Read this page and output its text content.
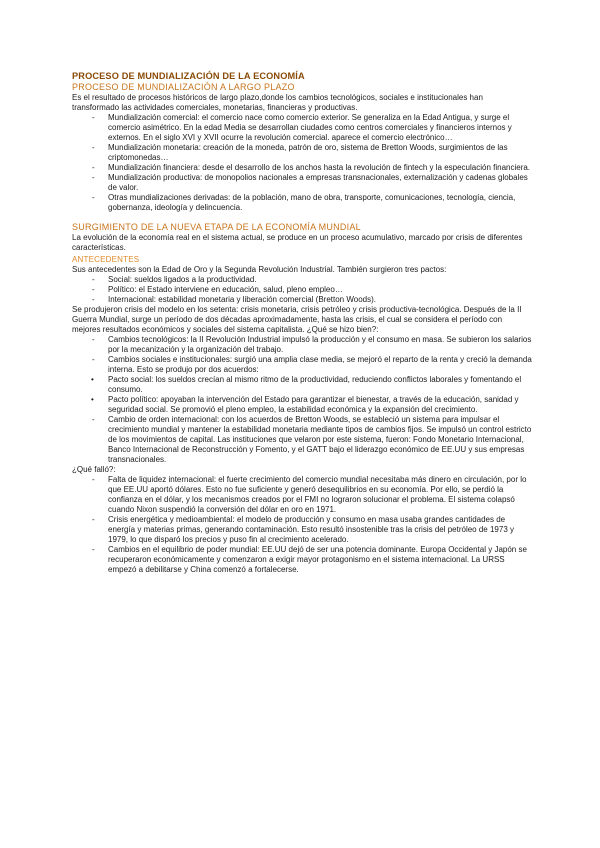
PROCESO DE MUNDIALIZACIÓN DE LA ECONOMÍA
PROCESO DE MUNDIALIZACIÓN A LARGO PLAZO

Es el resultado de procesos históricos de largo plazo,donde los cambios tecnológicos, sociales e institucionales han transformado las actividades comerciales, monetarias, financieras y productivas.

- Mundialización comercial: el comercio nace como comercio exterior. Se generaliza en la Edad Antigua, y surge el comercio asimétrico. En la edad Media se desarrollan ciudades como centros comerciales y financieros internos y externos. En el siglo XVI y XVII ocurre la revolución comercial. aparece el comercio electrónico…
- Mundialización monetaria: creación de la moneda, patrón de oro, sistema de Bretton Woods, surgimientos de las criptomonedas…
- Mundialización financiera: desde el desarrollo de los anchos hasta la revolución de fintech y la especulación financiera.
- Mundialización productiva: de monopolios nacionales a empresas transnacionales, externalización y cadenas globales de valor.
- Otras mundializaciones derivadas: de la población, mano de obra, transporte, comunicaciones, tecnología, ciencia, gobernanza, ideología y delincuencia.
SURGIMIENTO DE LA NUEVA ETAPA DE LA ECONOMÍA MUNDIAL

La evolución de la economía real en el sistema actual, se produce en un proceso acumulativo, marcado por crisis de diferentes características.

ANTECEDENTES

Sus antecedentes son la Edad de Oro y la Segunda Revolución Industrial. También surgieron tres pactos:

- Social: sueldos ligados a la productividad.
- Político: el Estado interviene en educación, salud, pleno empleo…
- Internacional: estabilidad monetaria y liberación comercial (Bretton Woods).

Se produjeron crisis del modelo en los setenta: crisis monetaria, crisis petróleo y crisis productiva-tecnológica. Después de la II Guerra Mundial, surge un período de dos décadas aproximadamente, hasta las crisis, el cual se considera el período con mejores resultados económicos y sociales del sistema capitalista. ¿Qué se hizo bien?:

- Cambios tecnológicos: la II Revolución Industrial impulsó la producción y el consumo en masa. Se subieron los salarios por la mecanización y la organización del trabajo.
- Cambios sociales e institucionales: surgió una amplia clase media, se mejoró el reparto de la renta y creció la demanda interna. Esto se produjo por dos acuerdos:
• Pacto social: los sueldos crecían al mismo ritmo de la productividad, reduciendo conflictos laborales y fomentando el consumo.
• Pacto político: apoyaban la intervención del Estado para garantizar el bienestar, a través de la educación, sanidad y seguridad social. Se promovió el pleno empleo, la estabilidad económica y la expansión del crecimiento.
- Cambio de orden internacional: con los acuerdos de Bretton Woods, se estableció un sistema para impulsar el crecimiento mundial y mantener la estabilidad monetaria mediante tipos de cambios fijos. Se impulsó un control estricto de los movimientos de capital. Las instituciones que velaron por este sistema, fueron: Fondo Monetario Internacional, Banco Internacional de Reconstrucción y Fomento, y el GATT bajo el liderazgo económico de EE.UU y sus empresas transnacionales.

¿Qué falló?:

- Falta de liquidez internacional: el fuerte crecimiento del comercio mundial necesitaba más dinero en circulación, por lo que EE.UU aportó dólares. Esto no fue suficiente y generó desequilibrios en su economía. Por ello, se perdió la confianza en el dólar, y los mecanismos creados por el FMI no lograron solucionar el problema. El sistema colapsó cuando Nixon suspendió la conversión del dólar en oro en 1971.
- Crisis energética y medioambiental: el modelo de producción y consumo en masa usaba grandes cantidades de energía y materias primas, generando contaminación. Esto resultó insostenible tras la crisis del petróleo de 1973 y 1979, lo que disparó los precios y puso fin al crecimiento acelerado.
- Cambios en el equilibrio de poder mundial: EE.UU dejó de ser una potencia dominante. Europa Occidental y Japón se recuperaron económicamente y comenzaron a exigir mayor protagonismo en el sistema internacional. La URSS empezó a debilitarse y China comenzó a fortalecerse.
